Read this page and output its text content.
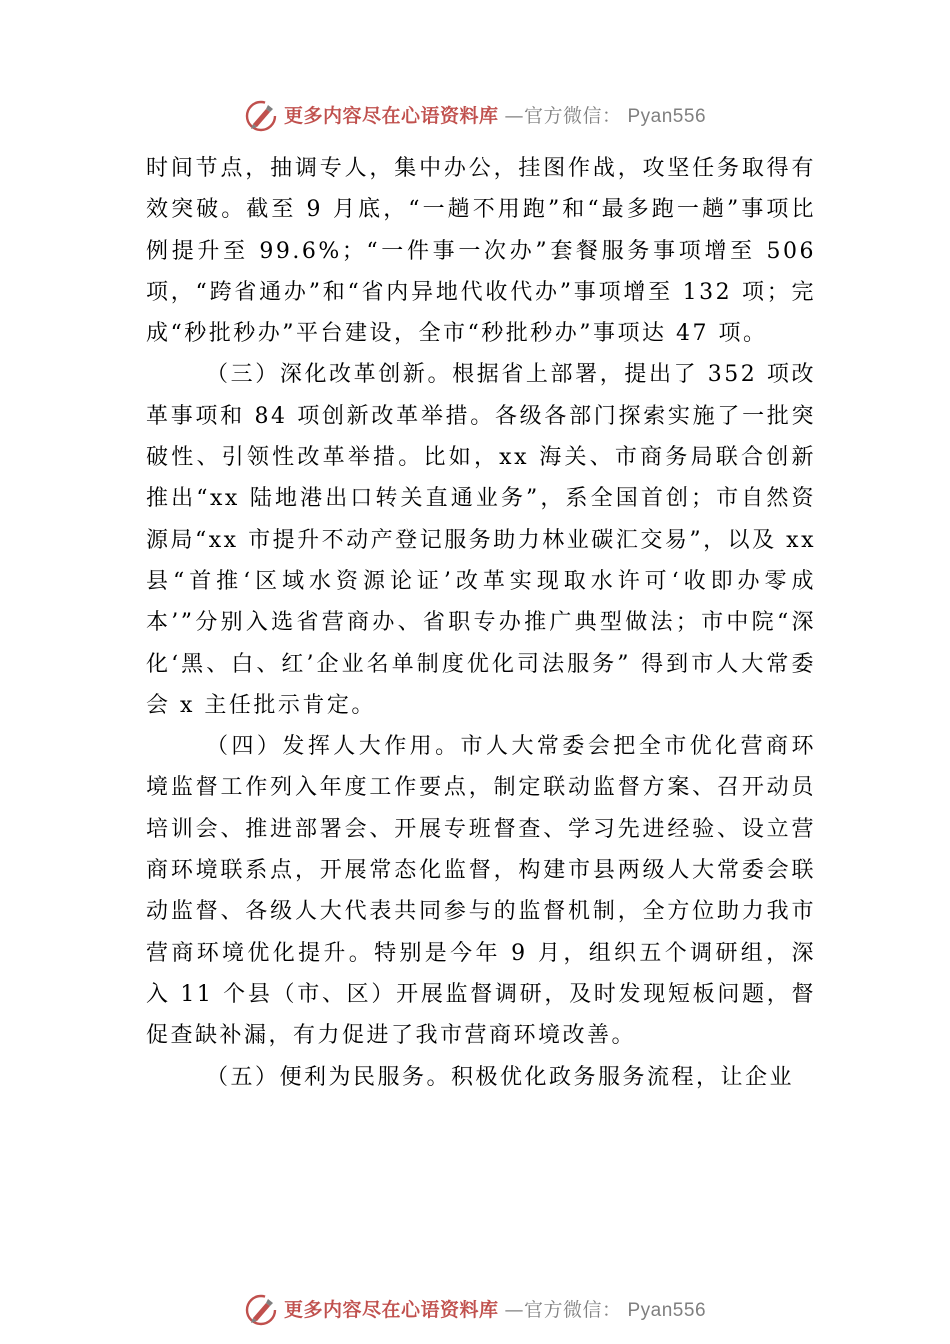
更多内容尽在心语资料库 —官方微信： Pyan556

时间节点，抽调专人，集中办公，挂图作战，攻坚任务取得有效突破。截至 9 月底，“一趟不用跑”和“最多跑一趟”事项比例提升至 99.6%；“一件事一次办”套餐服务事项增至 506 项，“跨省通办”和“省内异地代收代办”事项增至 132 项；完成“秒批秒办”平台建设，全市“秒批秒办”事项达 47 项。

（三）深化改革创新。根据省上部署，提出了 352 项改革事项和 84 项创新改革举措。各级各部门探索实施了一批突破性、引领性改革举措。比如，xx 海关、市商务局联合创新推出“xx 陆地港出口转关直通业务”，系全国首创；市自然资源局“xx 市提升不动产登记服务助力林业碳汇交易”，以及 xx 县“首推‘区域水资源论证’改革实现取水许可‘收即办零成本’”分别入选省营商办、省职专办推广典型做法；市中院“深化‘黑、白、红’企业名单制度优化司法服务” 得到市人大常委会 x 主任批示肯定。

（四）发挥人大作用。市人大常委会把全市优化营商环境监督工作列入年度工作要点，制定联动监督方案、召开动员培训会、推进部署会、开展专班督查、学习先进经验、设立营商环境联系点，开展常态化监督，构建市县两级人大常委会联动监督、各级人大代表共同参与的监督机制，全方位助力我市营商环境优化提升。特别是今年 9 月，组织五个调研组，深入 11 个县（市、区）开展监督调研，及时发现短板问题，督促查缺补漏，有力促进了我市营商环境改善。

（五）便利为民服务。积极优化政务服务流程，让企业

更多内容尽在心语资料库 —官方微信： Pyan556
